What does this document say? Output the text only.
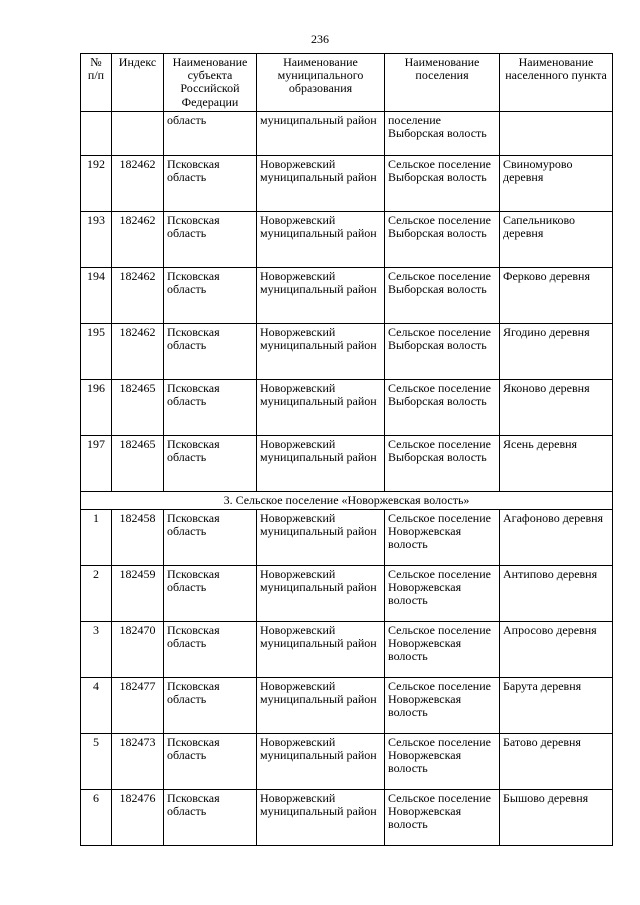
236
№ п/п	Индекс	Наименование субъекта Российской Федерации	Наименование муниципального образования	Наименование поселения	Наименование населенного пункта
		область	муниципальный район	поселение Выборская волость	
192	182462	Псковская область	Новоржевский муниципальный район	Сельское поселение Выборская волость	Свиномурово деревня
193	182462	Псковская область	Новоржевский муниципальный район	Сельское поселение Выборская волость	Сапельниково деревня
194	182462	Псковская область	Новоржевский муниципальный район	Сельское поселение Выборская волость	Ферково деревня
195	182462	Псковская область	Новоржевский муниципальный район	Сельское поселение Выборская волость	Ягодино деревня
196	182465	Псковская область	Новоржевский муниципальный район	Сельское поселение Выборская волость	Яконово деревня
197	182465	Псковская область	Новоржевский муниципальный район	Сельское поселение Выборская волость	Ясень деревня
3. Сельское поселение «Новоржевская волость»					
1	182458	Псковская область	Новоржевский муниципальный район	Сельское поселение Новоржевская волость	Агафоново деревня
2	182459	Псковская область	Новоржевский муниципальный район	Сельское поселение Новоржевская волость	Антипово деревня
3	182470	Псковская область	Новоржевский муниципальный район	Сельское поселение Новоржевская волость	Апросово деревня
4	182477	Псковская область	Новоржевский муниципальный район	Сельское поселение Новоржевская волость	Барута деревня
5	182473	Псковская область	Новоржевский муниципальный район	Сельское поселение Новоржевская волость	Батово деревня
6	182476	Псковская область	Новоржевский муниципальный район	Сельское поселение Новоржевская волость	Бышово деревня
